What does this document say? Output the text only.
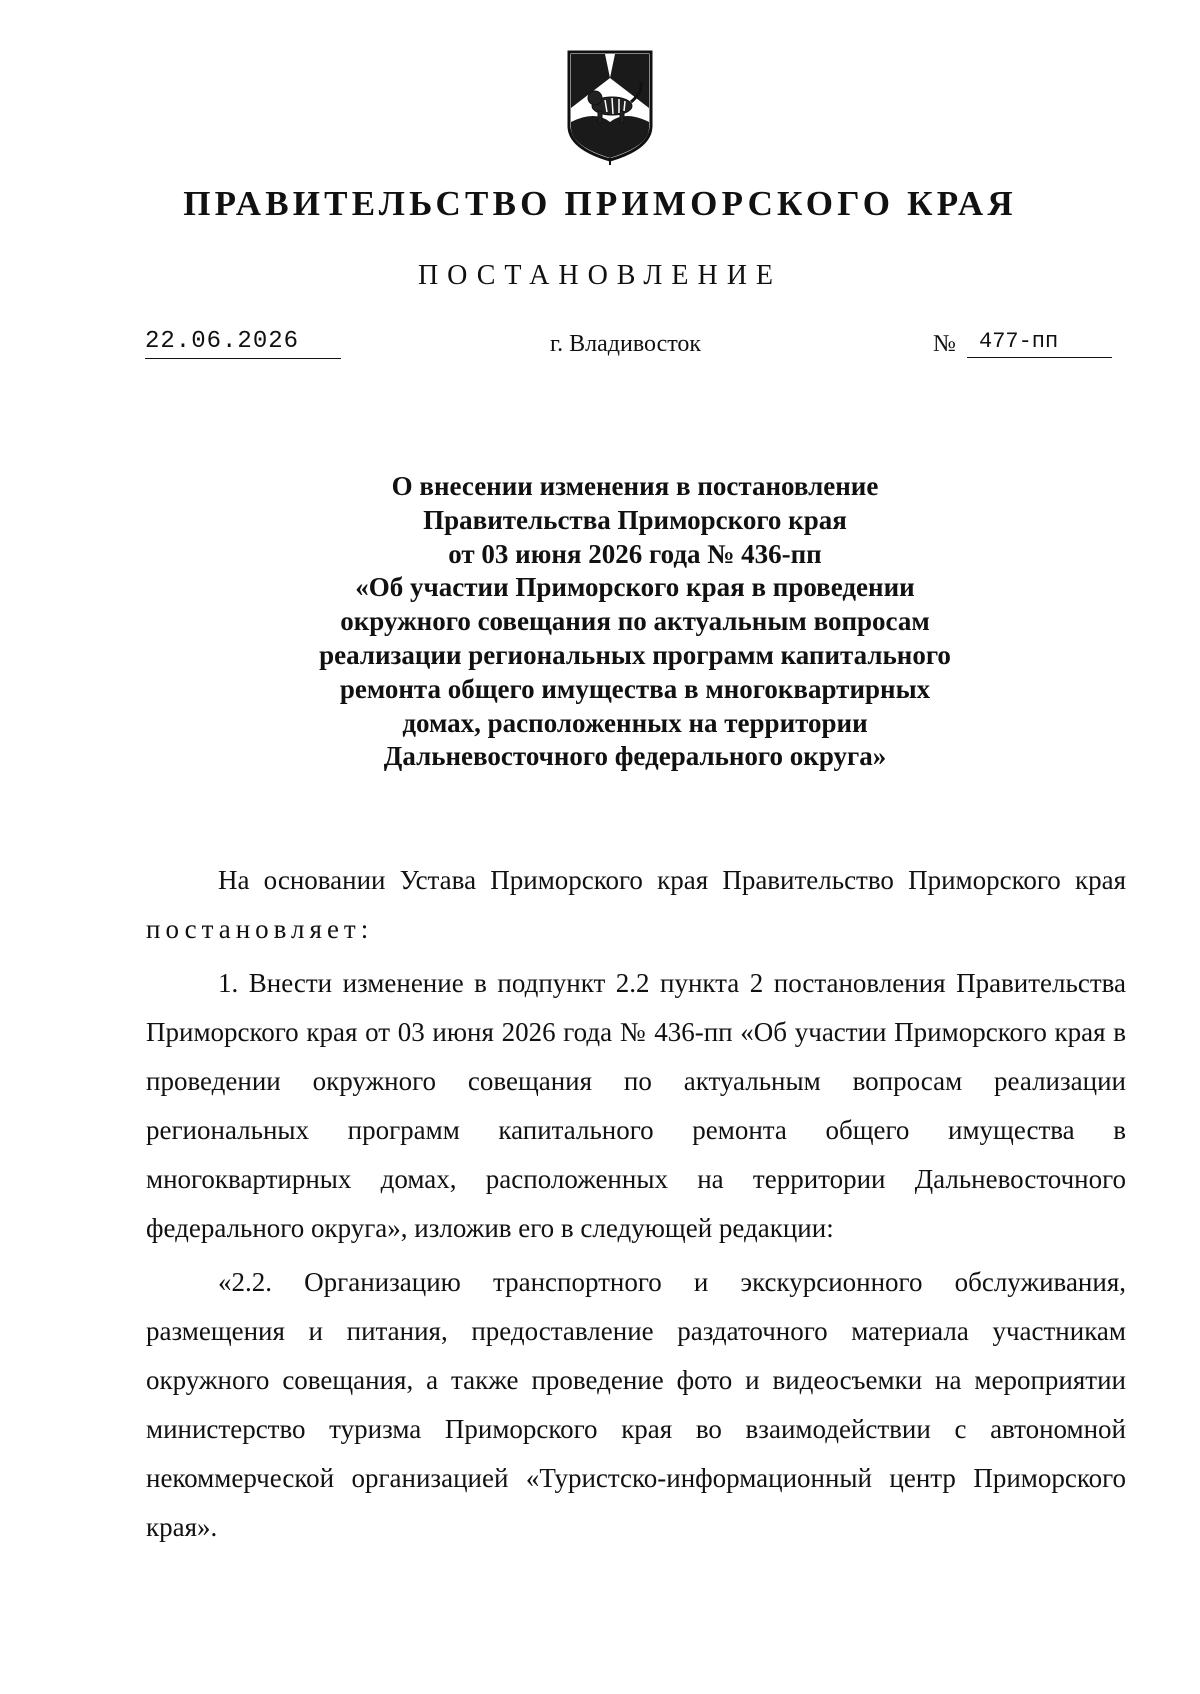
ПРАВИТЕЛЬСТВО ПРИМОРСКОГО КРАЯ
ПОСТАНОВЛЕНИЕ
22.06.2026	г. Владивосток	№	477-пп
О внесении изменения в постановление
Правительства Приморского края
от 03 июня 2026 года № 436-пп
«Об участии Приморского края в проведении
окружного совещания по актуальным вопросам
реализации региональных программ капитального
ремонта общего имущества в многоквартирных
домах, расположенных на территории
Дальневосточного федерального округа»

На основании Устава Приморского края Правительство Приморского края постановляет:

1. Внести изменение в подпункт 2.2 пункта 2 постановления Правительства Приморского края от 03 июня 2026 года № 436-пп «Об участии Приморского края в проведении окружного совещания по актуальным вопросам реализации региональных программ капитального ремонта общего имущества в многоквартирных домах, расположенных на территории Дальневосточного федерального округа», изложив его в следующей редакции:

«2.2. Организацию транспортного и экскурсионного обслуживания, размещения и питания, предоставление раздаточного материала участникам окружного совещания, а также проведение фото и видеосъемки на мероприятии министерство туризма Приморского края во взаимодействии с автономной некоммерческой организацией «Туристско-информационный центр Приморского края».
